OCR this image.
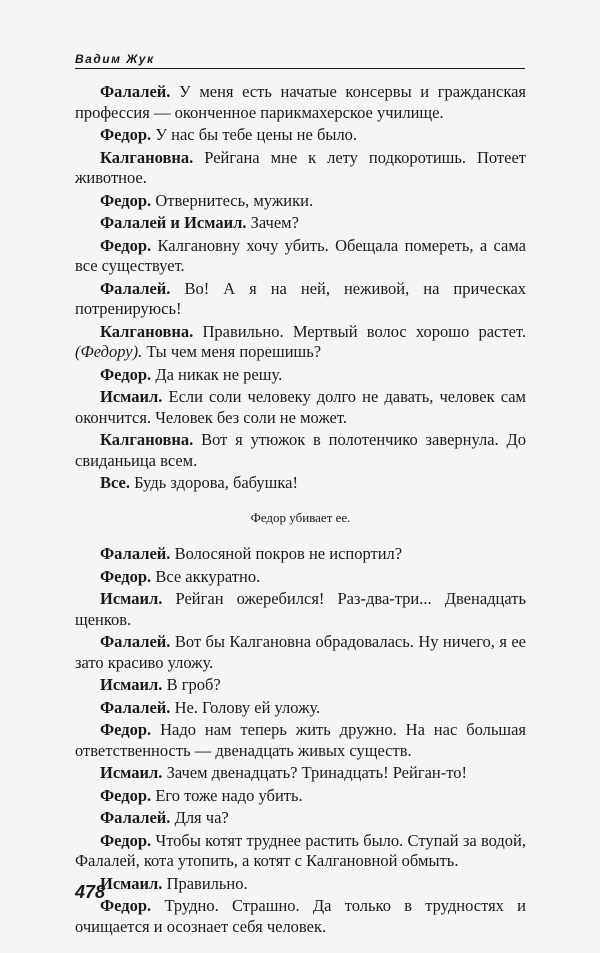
Вадим Жук

Фалалей. У меня есть начатые консервы и гражданская профессия — оконченное парикмахерское училище.

Федор. У нас бы тебе цены не было.

Калгановна. Рейгана мне к лету подкоротишь. Потеет животное.

Федор. Отвернитесь, мужики.

Фалалей и Исмаил. Зачем?

Федор. Калгановну хочу убить. Обещала помереть, а сама все существует.

Фалалей. Во! А я на ней, неживой, на прическах потренируюсь!

Калгановна. Правильно. Мертвый волос хорошо растет. (Федору). Ты чем меня порешишь?

Федор. Да никак не решу.

Исмаил. Если соли человеку долго не давать, человек сам окончится. Человек без соли не может.

Калгановна. Вот я утюжок в полотенчико завернула. До свиданьица всем.

Все. Будь здорова, бабушка!

Федор убивает ее.

Фалалей. Волосяной покров не испортил?

Федор. Все аккуратно.

Исмаил. Рейган ожеребился! Раз-два-три... Двенадцать щенков.

Фалалей. Вот бы Калгановна обрадовалась. Ну ничего, я ее зато красиво уложу.

Исмаил. В гроб?

Фалалей. Не. Голову ей уложу.

Федор. Надо нам теперь жить дружно. На нас большая ответственность — двенадцать живых существ.

Исмаил. Зачем двенадцать? Тринадцать! Рейган-то!

Федор. Его тоже надо убить.

Фалалей. Для ча?

Федор. Чтобы котят труднее растить было. Ступай за водой, Фалалей, кота утопить, а котят с Калгановной обмыть.

Исмаил. Правильно.

Федор. Трудно. Страшно. Да только в трудностях и очищается и осознает себя человек.

478
